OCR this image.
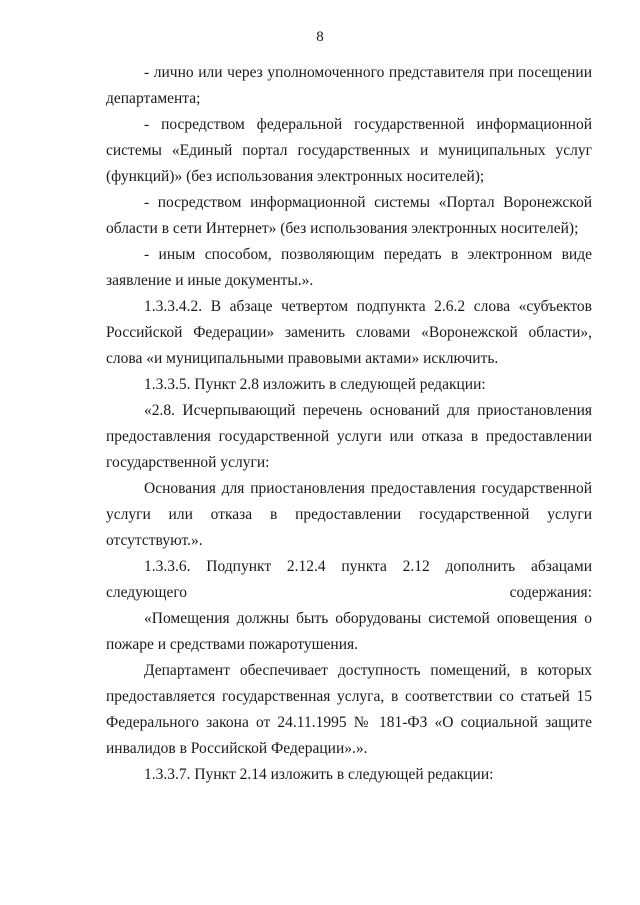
8

- лично или через уполномоченного представителя при посещении департамента;

- посредством федеральной государственной информационной системы «Единый портал государственных и муниципальных услуг (функций)» (без использования электронных носителей);

- посредством информационной системы «Портал Воронежской области в сети Интернет» (без использования электронных носителей);

- иным способом, позволяющим передать в электронном виде заявление и иные документы.».

1.3.3.4.2. В абзаце четвертом подпункта 2.6.2 слова «субъектов Российской Федерации» заменить словами «Воронежской области», слова «и муниципальными правовыми актами» исключить.

1.3.3.5. Пункт 2.8 изложить в следующей редакции:

«2.8. Исчерпывающий перечень оснований для приостановления предоставления государственной услуги или отказа в предоставлении государственной услуги:

Основания для приостановления предоставления государственной услуги или отказа в предоставлении государственной услуги отсутствуют.».

1.3.3.6. Подпункт 2.12.4 пункта 2.12 дополнить абзацами следующего содержания:

«Помещения должны быть оборудованы системой оповещения о пожаре и средствами пожаротушения.

Департамент обеспечивает доступность помещений, в которых предоставляется государственная услуга, в соответствии со статьей 15 Федерального закона от 24.11.1995 № 181-ФЗ «О социальной защите инвалидов в Российской Федерации».».

1.3.3.7. Пункт 2.14 изложить в следующей редакции:
